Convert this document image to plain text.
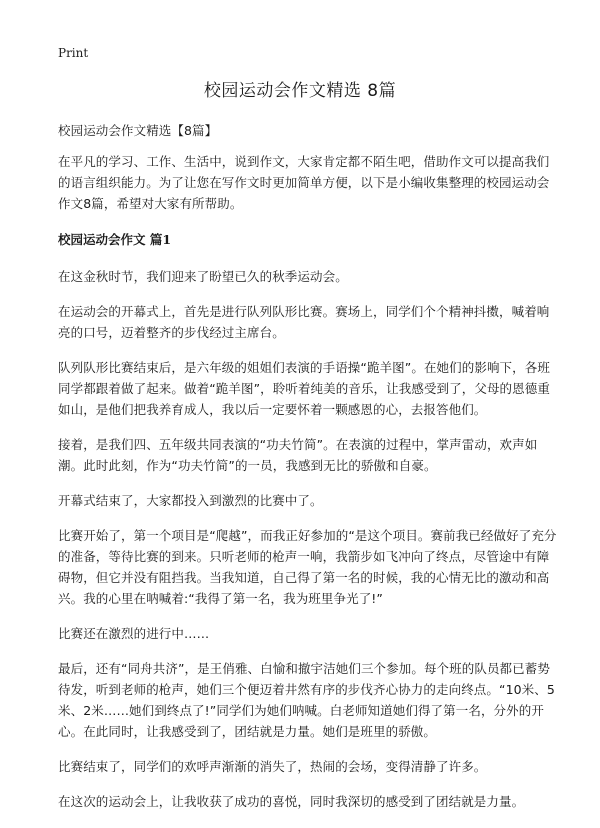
Print
校园运动会作文精选 8篇

校园运动会作文精选【8篇】

在平凡的学习、工作、生活中，说到作文，大家肯定都不陌生吧，借助作文可以提高我们的语言组织能力。为了让您在写作文时更加简单方便，以下是小编收集整理的校园运动会作文8篇，希望对大家有所帮助。

校园运动会作文 篇1

在这金秋时节，我们迎来了盼望已久的秋季运动会。

在运动会的开幕式上，首先是进行队列队形比赛。赛场上，同学们个个精神抖擞，喊着响亮的口号，迈着整齐的步伐经过主席台。

队列队形比赛结束后，是六年级的姐姐们表演的手语操“跪羊图”。在她们的影响下，各班同学都跟着做了起来。做着“跪羊图”，聆听着纯美的音乐，让我感受到了，父母的恩德重如山，是他们把我养育成人，我以后一定要怀着一颗感恩的心，去报答他们。

接着，是我们四、五年级共同表演的“功夫竹简”。在表演的过程中，掌声雷动，欢声如潮。此时此刻，作为“功夫竹简”的一员，我感到无比的骄傲和自豪。

开幕式结束了，大家都投入到激烈的比赛中了。

比赛开始了，第一个项目是“爬越”，而我正好参加的“是这个项目。赛前我已经做好了充分的准备，等待比赛的到来。只听老师的枪声一响，我箭步如飞冲向了终点，尽管途中有障碍物，但它并没有阻挡我。当我知道，自己得了第一名的时候，我的心情无比的激动和高兴。我的心里在呐喊着:“我得了第一名，我为班里争光了!”

比赛还在激烈的进行中……

最后，还有“同舟共济”，是王俏雅、白愉和撤宇洁她们三个参加。每个班的队员都已蓄势待发，听到老师的枪声，她们三个便迈着井然有序的步伐齐心协力的走向终点。“10米、5米、2米……她们到终点了!”同学们为她们呐喊。白老师知道她们得了第一名，分外的开心。在此同时，让我感受到了，团结就是力量。她们是班里的骄傲。

比赛结束了，同学们的欢呼声渐渐的消失了，热闹的会场，变得清静了许多。

在这次的运动会上，让我收获了成功的喜悦，同时我深切的感受到了团结就是力量。
